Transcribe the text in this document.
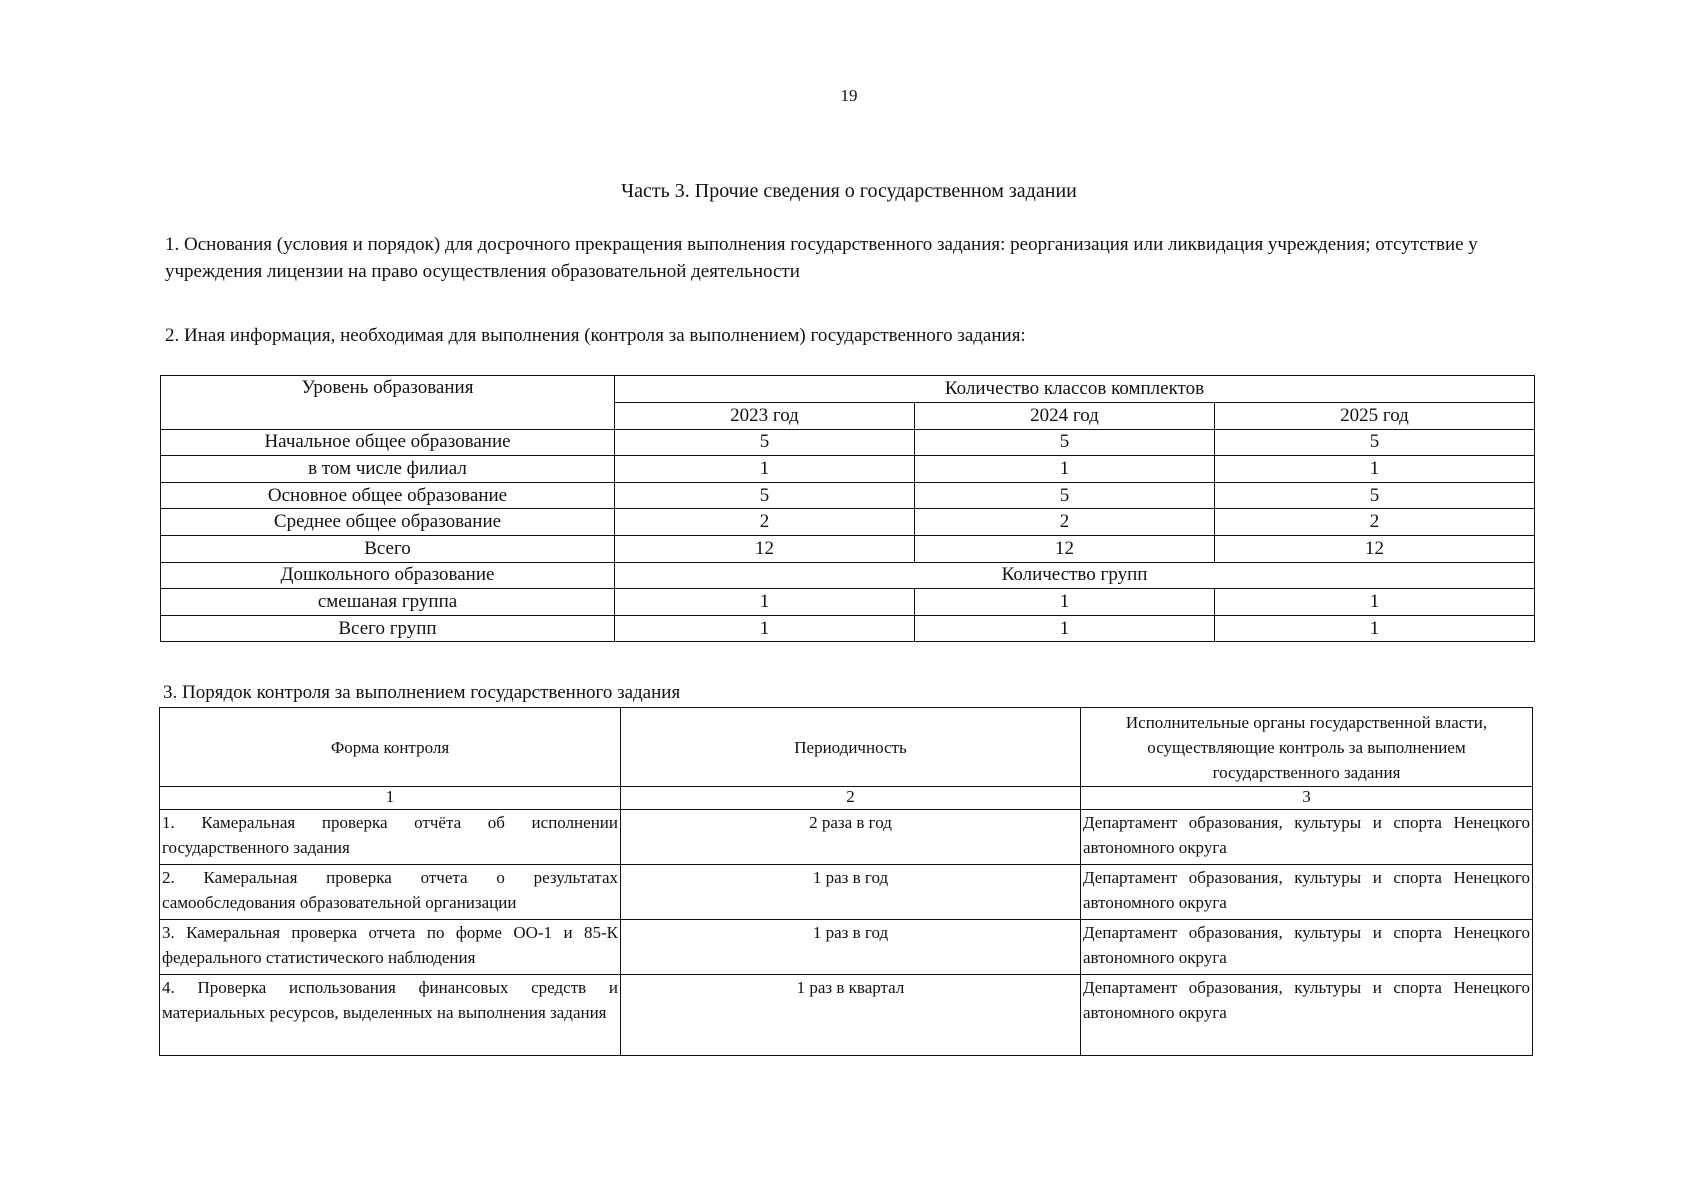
19
Часть 3. Прочие сведения о государственном задании
1. Основания (условия и порядок) для досрочного прекращения выполнения государственного задания: реорганизация или ликвидация учреждения; отсутствие у учреждения лицензии на право осуществления образовательной деятельности
2. Иная информация, необходимая для выполнения (контроля за выполнением) государственного задания:
Уровень образования	Количество классов комплектов		
	2023 год	2024 год	2025 год
Начальное общее образование	5	5	5
в том числе филиал	1	1	1
Основное общее образование	5	5	5
Среднее общее образование	2	2	2
Всего	12	12	12
Дошкольного образование	Количество групп		
смешаная группа	1	1	1
Всего групп	1	1	1
3. Порядок контроля за выполнением государственного задания
Форма контроля	Периодичность	Исполнительные органы государственной власти, осуществляющие контроль за выполнением государственного задания
1	2	3
1. Камеральная проверка отчёта об исполнении государственного задания	2 раза в год	Департамент образования, культуры и спорта Ненецкого автономного округа
2. Камеральная проверка отчета о результатах самообследования образовательной организации	1 раз в год	Департамент образования, культуры и спорта Ненецкого автономного округа
3. Камеральная проверка отчета по форме ОО-1 и 85-К федерального статистического наблюдения	1 раз в год	Департамент образования, культуры и спорта Ненецкого автономного округа
4. Проверка использования финансовых средств и материальных ресурсов, выделенных на выполнения задания	1 раз в квартал	Департамент образования, культуры и спорта Ненецкого автономного округа
